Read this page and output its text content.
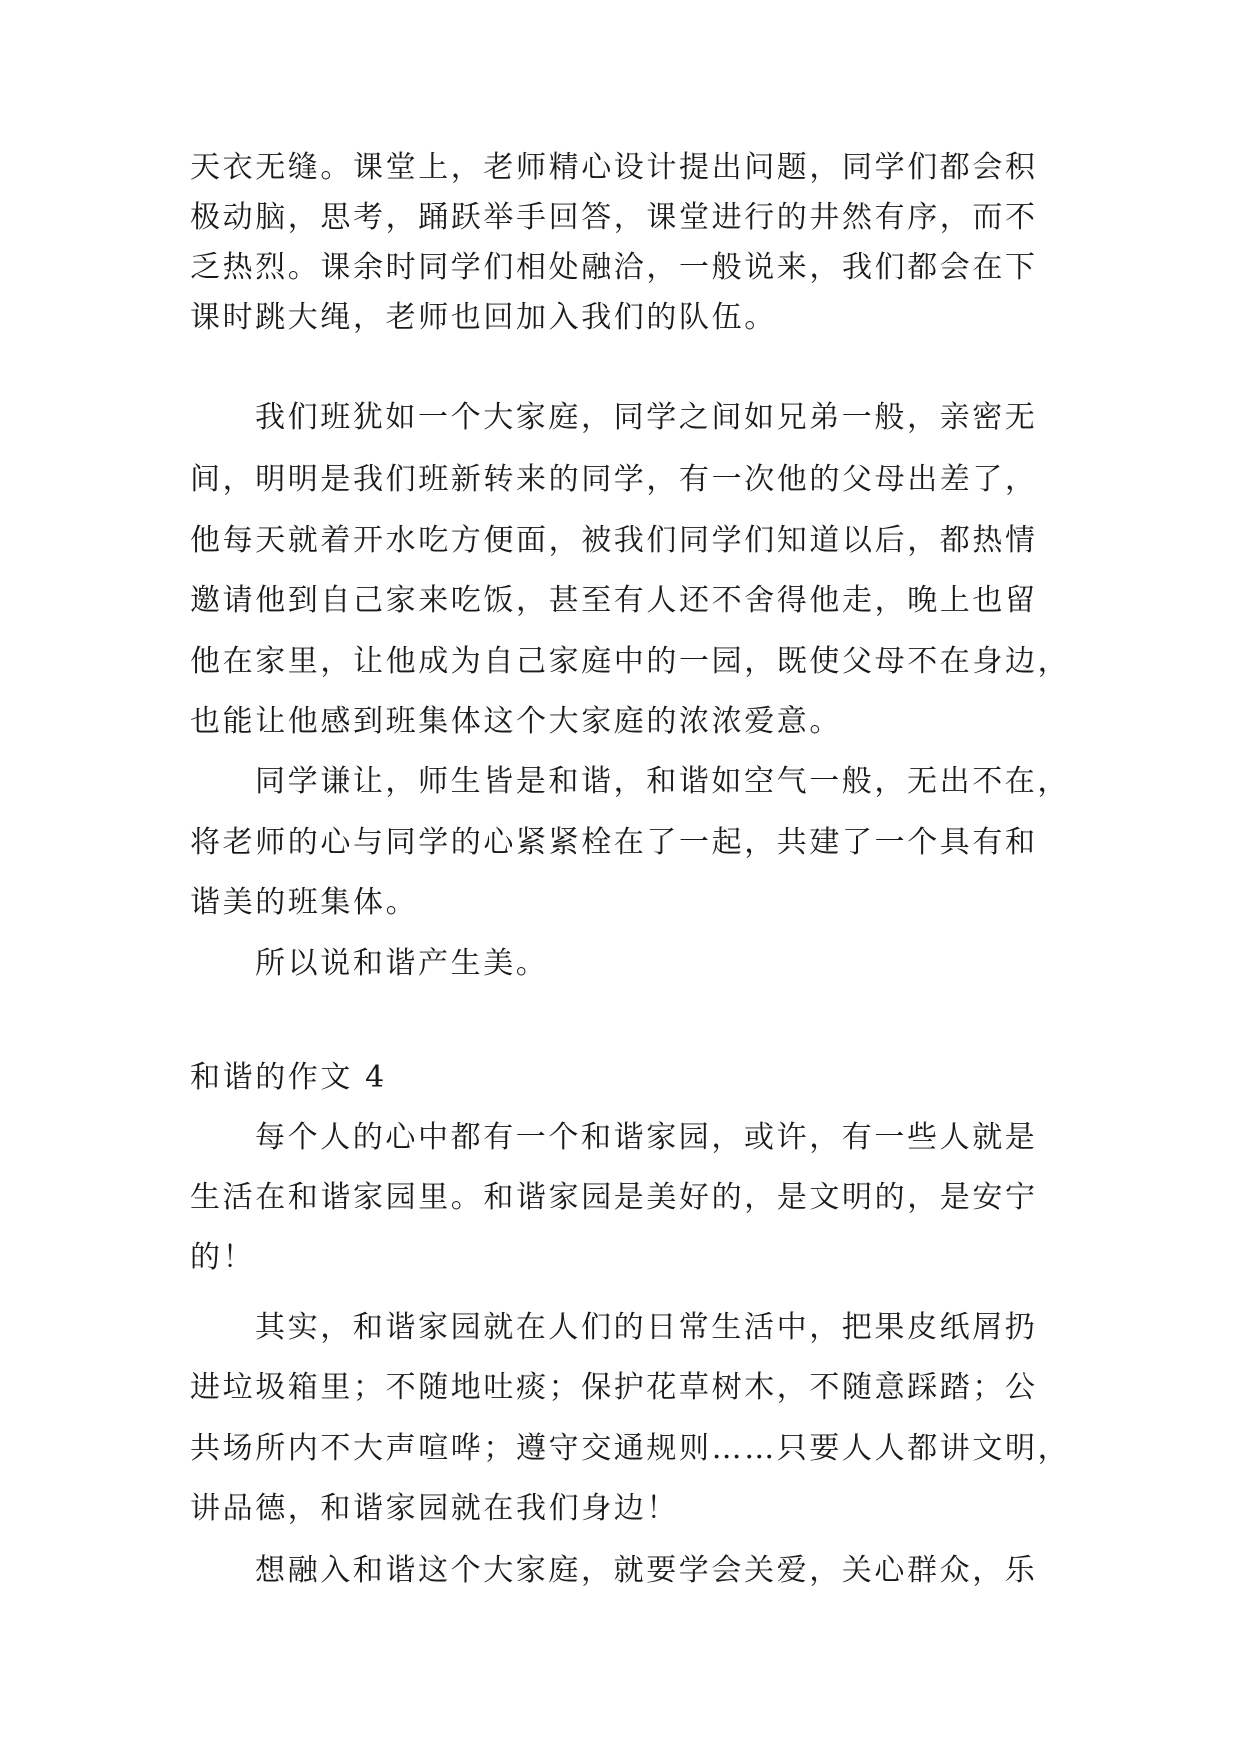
天衣无缝。课堂上，老师精心设计提出问题，同学们都会积
极动脑，思考，踊跃举手回答，课堂进行的井然有序，而不
乏热烈。课余时同学们相处融洽，一般说来，我们都会在下
课时跳大绳，老师也回加入我们的队伍。
我们班犹如一个大家庭，同学之间如兄弟一般，亲密无
间，明明是我们班新转来的同学，有一次他的父母出差了，
他每天就着开水吃方便面，被我们同学们知道以后，都热情
邀请他到自己家来吃饭，甚至有人还不舍得他走，晚上也留
他在家里，让他成为自己家庭中的一园，既使父母不在身边，
也能让他感到班集体这个大家庭的浓浓爱意。
同学谦让，师生皆是和谐，和谐如空气一般，无出不在，
将老师的心与同学的心紧紧栓在了一起，共建了一个具有和
谐美的班集体。
所以说和谐产生美。
和谐的作文 4
每个人的心中都有一个和谐家园，或许，有一些人就是
生活在和谐家园里。和谐家园是美好的，是文明的，是安宁
的！
其实，和谐家园就在人们的日常生活中，把果皮纸屑扔
进垃圾箱里；不随地吐痰；保护花草树木，不随意踩踏；公
共场所内不大声喧哗；遵守交通规则……只要人人都讲文明，
讲品德，和谐家园就在我们身边！
想融入和谐这个大家庭，就要学会关爱，关心群众，乐
